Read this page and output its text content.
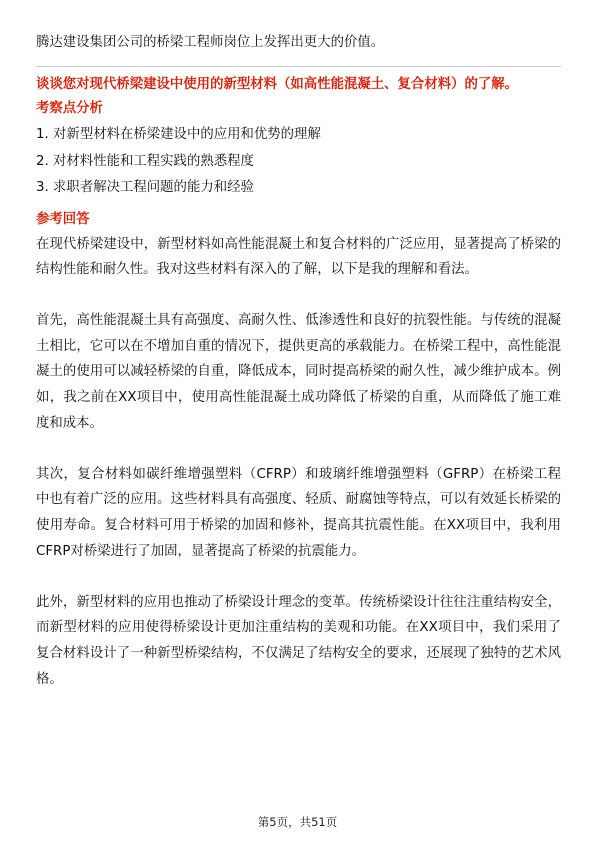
腾达建设集团公司的桥梁工程师岗位上发挥出更大的价值。

谈谈您对现代桥梁建设中使用的新型材料（如高性能混凝土、复合材料）的了解。

考察点分析

1. 对新型材料在桥梁建设中的应用和优势的理解
2. 对材料性能和工程实践的熟悉程度
3. 求职者解决工程问题的能力和经验

参考回答

在现代桥梁建设中，新型材料如高性能混凝土和复合材料的广泛应用，显著提高了桥梁的结构性能和耐久性。我对这些材料有深入的了解，以下是我的理解和看法。

首先，高性能混凝土具有高强度、高耐久性、低渗透性和良好的抗裂性能。与传统的混凝土相比，它可以在不增加自重的情况下，提供更高的承载能力。在桥梁工程中，高性能混凝土的使用可以减轻桥梁的自重，降低成本，同时提高桥梁的耐久性，减少维护成本。例如，我之前在XX项目中，使用高性能混凝土成功降低了桥梁的自重，从而降低了施工难度和成本。

其次，复合材料如碳纤维增强塑料（CFRP）和玻璃纤维增强塑料（GFRP）在桥梁工程中也有着广泛的应用。这些材料具有高强度、轻质、耐腐蚀等特点，可以有效延长桥梁的使用寿命。复合材料可用于桥梁的加固和修补，提高其抗震性能。在XX项目中，我利用CFRP对桥梁进行了加固，显著提高了桥梁的抗震能力。

此外，新型材料的应用也推动了桥梁设计理念的变革。传统桥梁设计往往注重结构安全，而新型材料的应用使得桥梁设计更加注重结构的美观和功能。在XX项目中，我们采用了复合材料设计了一种新型桥梁结构，不仅满足了结构安全的要求，还展现了独特的艺术风格。

第5页，共51页
